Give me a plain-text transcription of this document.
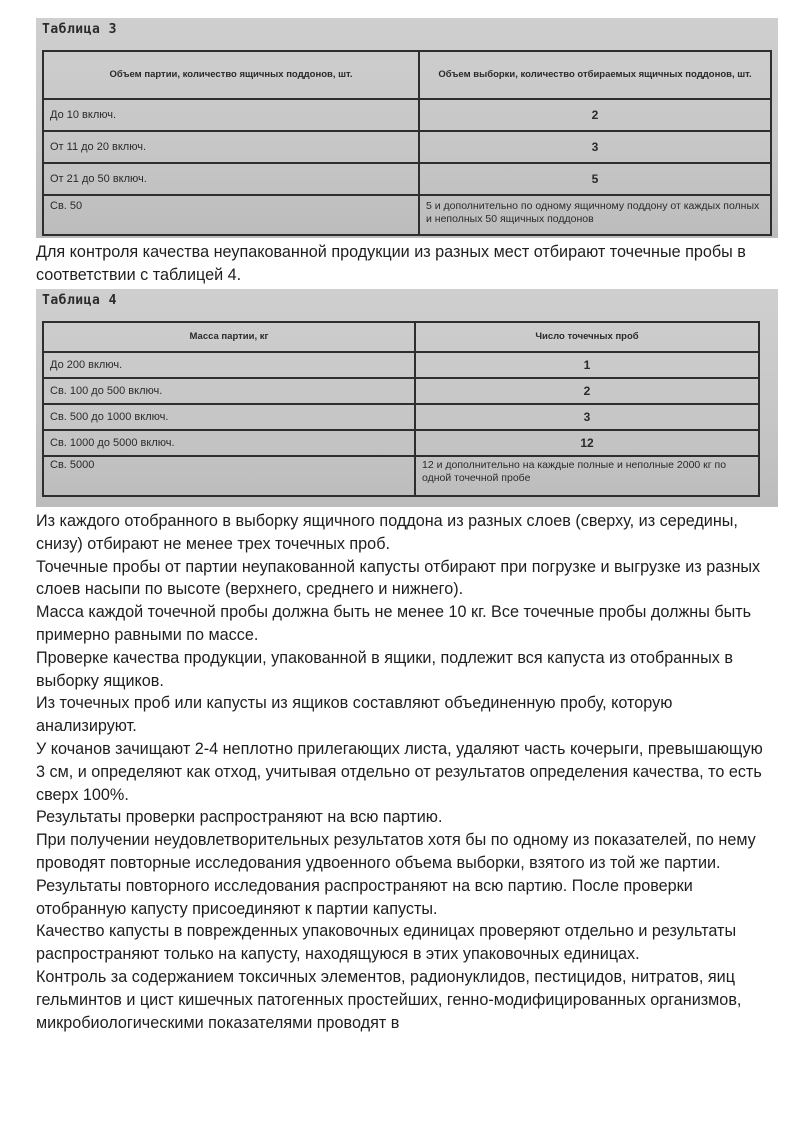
Таблица 3
Объем партии, количество ящичных поддонов, шт.	Объем выборки, количество отбираемых ящичных поддонов, шт.
До 10 включ.	2
От 11 до 20 включ.	3
От 21 до 50 включ.	5
Св. 50	5 и дополнительно по одному ящичному поддону от каждых полных и неполных 50 ящичных поддонов

Для контроля качества неупакованной продукции из разных мест отбирают точечные пробы в соответствии с таблицей 4.

Таблица 4
Масса партии, кг	Число точечных проб
До 200 включ.	1
Св. 100 до 500 включ.	2
Св. 500 до 1000 включ.	3
Св. 1000 до 5000 включ.	12
Св. 5000	12 и дополнительно на каждые полные и неполные 2000 кг по одной точечной пробе

Из каждого отобранного в выборку ящичного поддона из разных слоев (сверху, из середины, снизу) отбирают не менее трех точечных проб.

Точечные пробы от партии неупакованной капусты отбирают при погрузке и выгрузке из разных слоев насыпи по высоте (верхнего, среднего и нижнего).

Масса каждой точечной пробы должна быть не менее 10 кг. Все точечные пробы должны быть примерно равными по массе.

Проверке качества продукции, упакованной в ящики, подлежит вся капуста из отобранных в выборку ящиков.

Из точечных проб или капусты из ящиков составляют объединенную пробу, которую анализируют.

У кочанов зачищают 2-4 неплотно прилегающих листа, удаляют часть кочерыги, превышающую 3 см, и определяют как отход, учитывая отдельно от результатов определения качества, то есть сверх 100%.

Результаты проверки распространяют на всю партию.

При получении неудовлетворительных результатов хотя бы по одному из показателей, по нему проводят повторные исследования удвоенного объема выборки, взятого из той же партии. Результаты повторного исследования распространяют на всю партию. После проверки отобранную капусту присоединяют к партии капусты.

Качество капусты в поврежденных упаковочных единицах проверяют отдельно и результаты распространяют только на капусту, находящуюся в этих упаковочных единицах.

Контроль за содержанием токсичных элементов, радионуклидов, пестицидов, нитратов, яиц гельминтов и цист кишечных патогенных простейших, генно-модифицированных организмов, микробиологическими показателями проводят в
